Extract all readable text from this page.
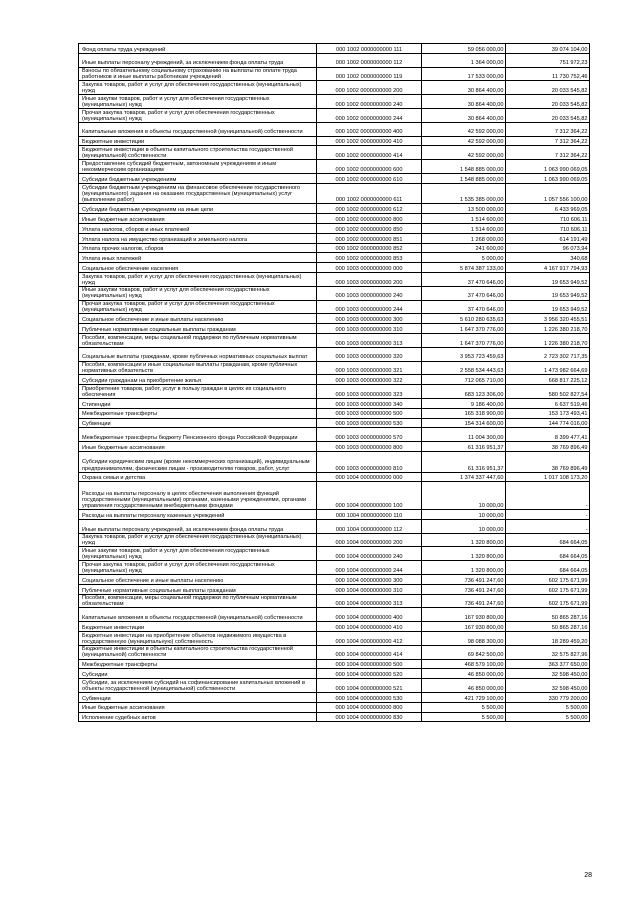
Фонд оплаты труда учреждений	000 1002 0000000000 111	59 056 000,00	39 074 104,00
Иные выплаты персоналу учреждений, за исключением фонда оплаты труда	000 1002 0000000000 112	1 364 000,00	751 972,23
Взносы по обязательному социальному страхованию на выплаты по оплате труда работников и иные выплаты работникам учреждений	000 1002 0000000000 119	17 533 000,00	11 730 752,46
Закупка товаров, работ и услуг для обеспечения государственных (муниципальных) нужд	000 1002 0000000000 200	30 864 400,00	20 033 545,82
Иные закупки товаров, работ и услуг для обеспечения государственных (муниципальных) нужд	000 1002 0000000000 240	30 864 400,00	20 033 545,82
Прочая закупка товаров, работ и услуг для обеспечения государственных (муниципальных) нужд	000 1002 0000000000 244	30 864 400,00	20 033 545,82
Капитальные вложения в объекты государственной (муниципальной) собственности	000 1002 0000000000 400	42 592 000,00	7 312 364,22
Бюджетные инвестиции	000 1002 0000000000 410	42 592 000,00	7 312 364,22
Бюджетные инвестиции в объекты капитального строительства государственной (муниципальной) собственности	000 1002 0000000000 414	42 592 000,00	7 312 364,22
Предоставление субсидий бюджетным, автономным учреждениям и иным некоммерческим организациям	000 1002 0000000000 600	1 548 885 000,00	1 063 990 069,05
Субсидии бюджетным учреждениям	000 1002 0000000000 610	1 548 885 000,00	1 063 990 069,05
Субсидии бюджетным учреждениям на финансовое обеспечение государственного (муниципального) задания на оказание государственных (муниципальных) услуг (выполнение работ)	000 1002 0000000000 611	1 535 385 000,00	1 057 556 100,00
Субсидии бюджетным учреждениям на иные цели	000 1002 0000000000 612	13 500 000,00	6 433 969,05
Иные бюджетные ассигнования	000 1002 0000000000 800	1 514 600,00	710 606,11
Уплата налогов, сборов и иных платежей	000 1002 0000000000 850	1 514 600,00	710 606,11
Уплата налога на имущество организаций и земельного налога	000 1002 0000000000 851	1 268 000,00	614 191,49
Уплата прочих налогов, сборов	000 1002 0000000000 852	241 600,00	96 073,94
Уплата иных платежей	000 1002 0000000000 853	5 000,00	340,68
Социальное обеспечение населения	000 1003 0000000000 000	5 874 387 133,00	4 167 917 794,93
Закупка товаров, работ и услуг для обеспечения государственных (муниципальных) нужд	000 1003 0000000000 200	37 470 646,00	19 653 949,52
Иные закупки товаров, работ и услуг для обеспечения государственных (муниципальных) нужд	000 1003 0000000000 240	37 470 646,00	19 653 949,52
Прочая закупка товаров, работ и услуг для обеспечения государственных (муниципальных) нужд	000 1003 0000000000 244	37 470 646,00	19 653 949,52
Социальное обеспечение и иные выплаты населению	000 1003 0000000000 300	5 610 280 635,63	3 956 320 455,51
Публичные нормативные социальные выплаты гражданам	000 1003 0000000000 310	1 647 370 776,00	1 226 380 218,70
Пособия, компенсации, меры социальной поддержки по публичным нормативным обязательствам	000 1003 0000000000 313	1 647 370 776,00	1 226 380 218,70
Социальные выплаты гражданам, кроме публичных нормативных социальных выплат	000 1003 0000000000 320	3 953 723 459,63	2 723 302 717,35
Пособия, компенсации и иные социальные выплаты гражданам, кроме публичных нормативных обязательств	000 1003 0000000000 321	2 558 534 443,63	1 473 982 664,69
Субсидии гражданам на приобретение жилья	000 1003 0000000000 322	712 065 710,00	668 817 225,12
Приобретение товаров, работ, услуг в пользу граждан в целях их социального обеспечения	000 1003 0000000000 323	683 123 306,00	580 502 827,54
Стипендии	000 1003 0000000000 340	9 186 400,00	6 637 519,46
Межбюджетные трансферты	000 1003 0000000000 500	165 318 900,00	153 173 493,41
Субвенции	000 1003 0000000000 530	154 314 600,00	144 774 016,00
Межбюджетные трансферты бюджету Пенсионного фонда Российской Федерации	000 1003 0000000000 570	11 004 300,00	8 399 477,41
Иные бюджетные ассигнования	000 1003 0000000000 800	61 316 951,37	38 769 896,49
Субсидии юридическим лицам (кроме некоммерческих организаций), индивидуальным предпринимателям, физическим лицам - производителям товаров, работ, услуг	000 1003 0000000000 810	61 316 951,37	38 769 896,49
Охрана семьи и детства	000 1004 0000000000 000	1 374 337 447,60	1 017 108 173,20
Расходы на выплаты персоналу в целях обеспечения выполнения функций государственными (муниципальными) органами, казенными учреждениями, органами управления государственными внебюджетными фондами	000 1004 0000000000 100	10 000,00	-
Расходы на выплаты персоналу казенных учреждений	000 1004 0000000000 110	10 000,00	-
Иные выплаты персоналу учреждений, за исключением фонда оплаты труда	000 1004 0000000000 112	10 000,00	-
Закупка товаров, работ и услуг для обеспечения государственных (муниципальных) нужд	000 1004 0000000000 200	1 320 800,00	684 664,05
Иные закупки товаров, работ и услуг для обеспечения государственных (муниципальных) нужд	000 1004 0000000000 240	1 320 800,00	684 664,05
Прочая закупка товаров, работ и услуг для обеспечения государственных (муниципальных) нужд	000 1004 0000000000 244	1 320 800,00	684 664,05
Социальное обеспечение и иные выплаты населению	000 1004 0000000000 300	736 491 247,60	602 175 671,99
Публичные нормативные социальные выплаты гражданам	000 1004 0000000000 310	736 491 247,60	602 175 671,99
Пособия, компенсации, меры социальной поддержки по публичным нормативным обязательствам	000 1004 0000000000 313	736 491 247,60	602 175 671,99
Капитальные вложения в объекты государственной (муниципальной) собственности	000 1004 0000000000 400	167 930 800,00	50 865 287,16
Бюджетные инвестиции	000 1004 0000000000 410	167 930 800,00	50 865 287,16
Бюджетные инвестиции на приобретение объектов недвижимого имущества в государственную (муниципальную) собственность	000 1004 0000000000 412	98 088 300,00	18 289 459,20
Бюджетные инвестиции в объекты капитального строительства государственной (муниципальной) собственности	000 1004 0000000000 414	69 842 500,00	32 575 827,96
Межбюджетные трансферты	000 1004 0000000000 500	468 579 100,00	363 377 650,00
Субсидии	000 1004 0000000000 520	46 850 000,00	32 598 450,00
Субсидии, за исключением субсидий на софинансирование капитальных вложений в объекты государственной (муниципальной) собственности	000 1004 0000000000 521	46 850 000,00	32 598 450,00
Субвенции	000 1004 0000000000 530	421 729 100,00	330 779 200,00
Иные бюджетные ассигнования	000 1004 0000000000 800	5 500,00	5 500,00
Исполнение судебных актов	000 1004 0000000000 830	5 500,00	5 500,00
28
